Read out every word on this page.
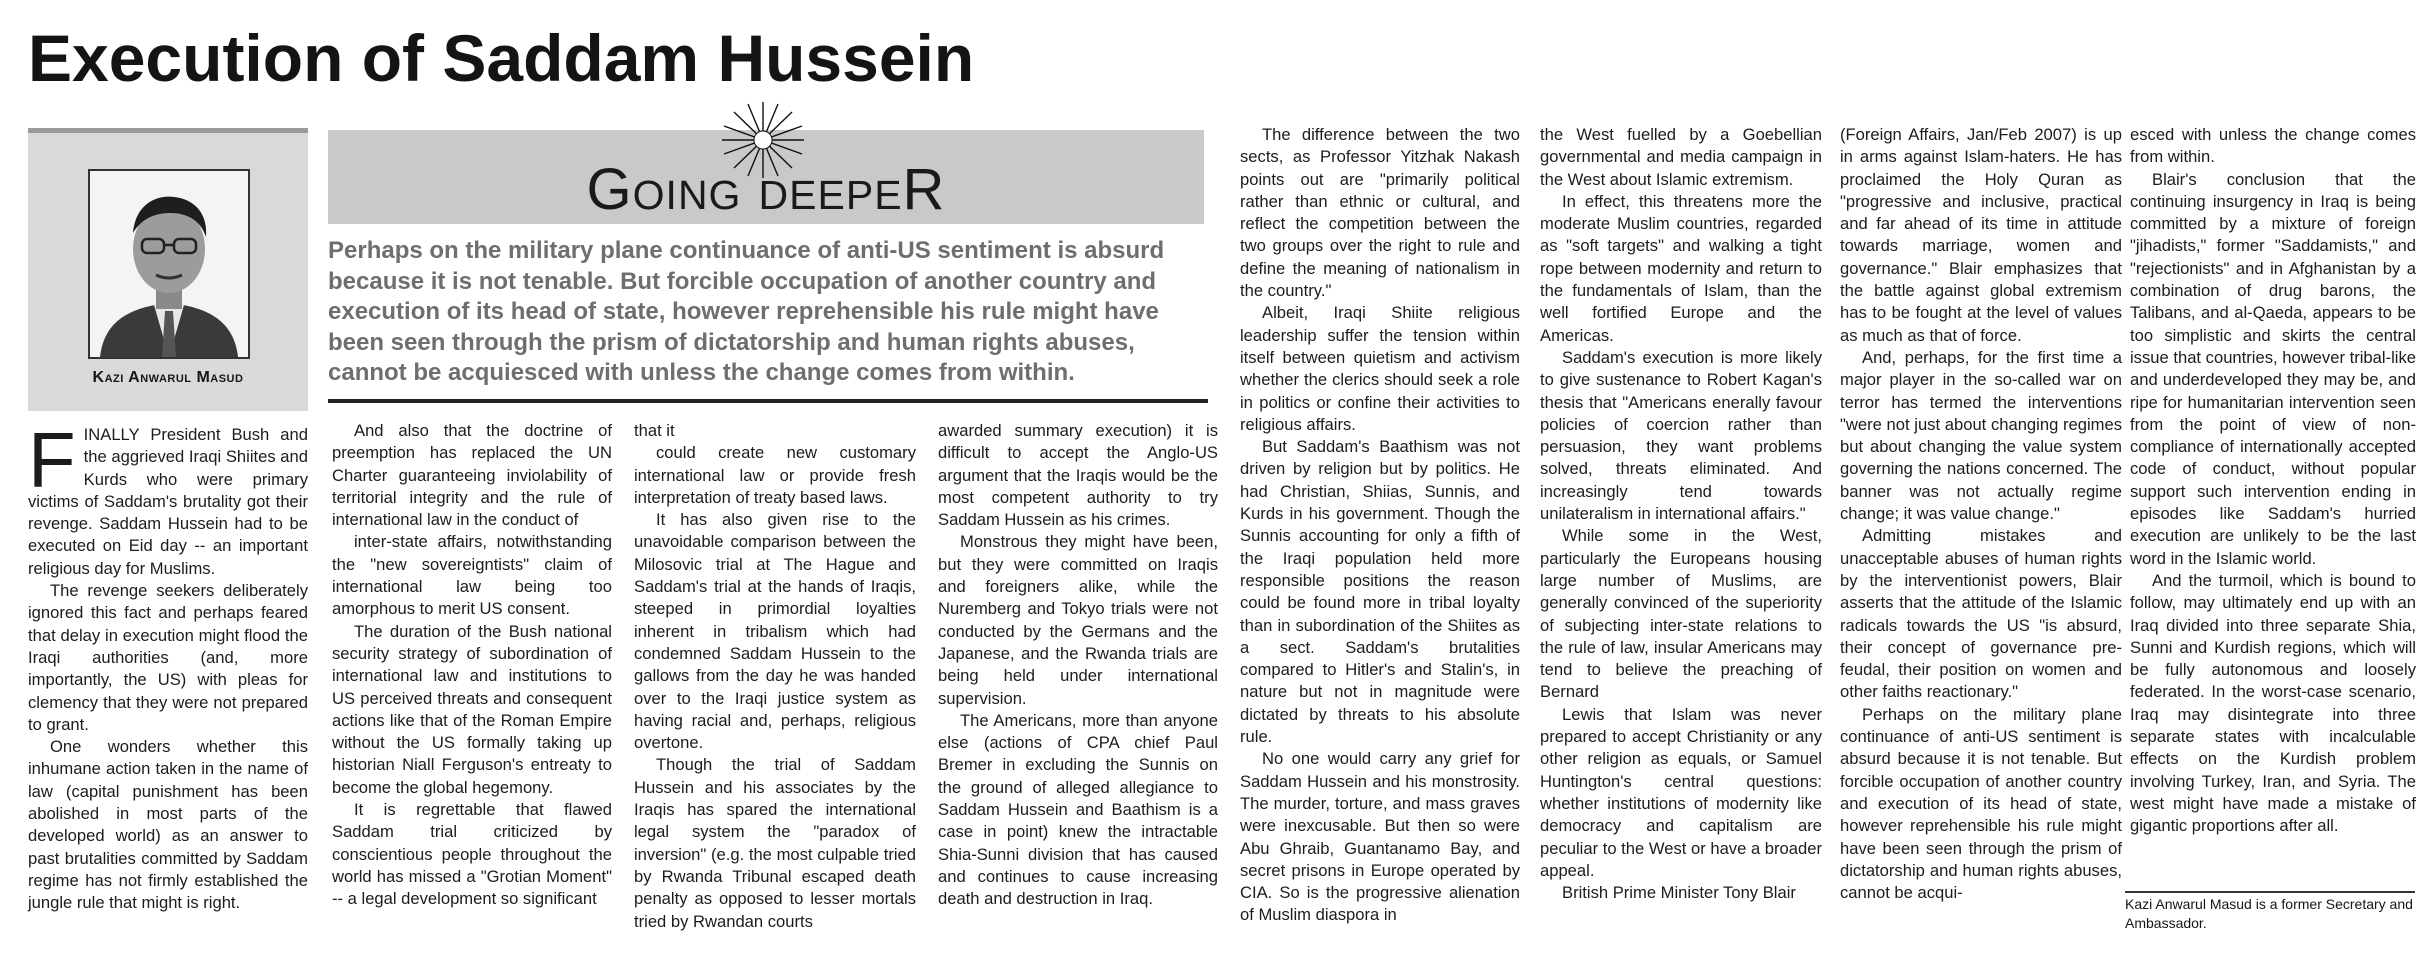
Execution of Saddam Hussein
Kazi Anwarul Masud
Going deepeR

Perhaps on the military plane continuance of anti-US sentiment is absurd because it is not tenable. But forcible occupation of another country and execution of its head of state, however reprehensible his rule might have been seen through the prism of dictatorship and human rights abuses, cannot be acquiesced with unless the change comes from within.

FINALLY President Bush and the aggrieved Iraqi Shiites and Kurds who were primary victims of Saddam's brutality got their revenge. Saddam Hussein had to be executed on Eid day -- an important religious day for Muslims.

The revenge seekers deliberately ignored this fact and perhaps feared that delay in execution might flood the Iraqi authorities (and, more importantly, the US) with pleas for clemency that they were not prepared to grant.

One wonders whether this inhumane action taken in the name of law (capital punishment has been abolished in most parts of the developed world) as an answer to past brutalities committed by Saddam regime has not firmly established the jungle rule that might is right.

And also that the doctrine of preemption has replaced the UN Charter guaranteeing inviolability of territorial integrity and the rule of international law in the conduct of

inter-state affairs, notwithstanding the "new sovereigntists" claim of international law being too amorphous to merit US consent.

The duration of the Bush national security strategy of subordination of international law and institutions to US perceived threats and consequent actions like that of the Roman Empire without the US formally taking up historian Niall Ferguson's entreaty to become the global hegemony.

It is regrettable that flawed Saddam trial criticized by conscientious people throughout the world has missed a "Grotian Moment" -- a legal development so significant

that it

could create new customary international law or provide fresh interpretation of treaty based laws.

It has also given rise to the unavoidable comparison between the Milosovic trial at The Hague and Saddam's trial at the hands of Iraqis, steeped in primordial loyalties inherent in tribalism which had condemned Saddam Hussein to the gallows from the day he was handed over to the Iraqi justice system as having racial and, perhaps, religious overtone.

Though the trial of Saddam Hussein and his associates by the Iraqis has spared the international legal system the "paradox of inversion" (e.g. the most culpable tried by Rwanda Tribunal escaped death penalty as opposed to lesser mortals tried by Rwandan courts

awarded summary execution) it is difficult to accept the Anglo-US argument that the Iraqis would be the most competent authority to try Saddam Hussein as his crimes.

Monstrous they might have been, but they were committed on Iraqis and foreigners alike, while the Nuremberg and Tokyo trials were not conducted by the Germans and the Japanese, and the Rwanda trials are being held under international supervision.

The Americans, more than anyone else (actions of CPA chief Paul Bremer in excluding the Sunnis on the ground of alleged allegiance to Saddam Hussein and Baathism is a case in point) knew the intractable Shia-Sunni division that has caused and continues to cause increasing death and destruction in Iraq.

The difference between the two sects, as Professor Yitzhak Nakash points out are "primarily political rather than ethnic or cultural, and reflect the competition between the two groups over the right to rule and define the meaning of nationalism in the country."

Albeit, Iraqi Shiite religious leadership suffer the tension within itself between quietism and activism whether the clerics should seek a role in politics or confine their activities to religious affairs.

But Saddam's Baathism was not driven by religion but by politics. He had Christian, Shiias, Sunnis, and Kurds in his government. Though the Sunnis accounting for only a fifth of the Iraqi population held more responsible positions the reason could be found more in tribal loyalty than in subordination of the Shiites as a sect. Saddam's brutalities compared to Hitler's and Stalin's, in nature but not in magnitude were dictated by threats to his absolute rule.

No one would carry any grief for Saddam Hussein and his monstrosity. The murder, torture, and mass graves were inexcusable. But then so were Abu Ghraib, Guantanamo Bay, and secret prisons in Europe operated by CIA. So is the progressive alienation of Muslim diaspora in

the West fuelled by a Goebellian governmental and media campaign in the West about Islamic extremism.

In effect, this threatens more the moderate Muslim countries, regarded as "soft targets" and walking a tight rope between modernity and return to the fundamentals of Islam, than the well fortified Europe and the Americas.

Saddam's execution is more likely to give sustenance to Robert Kagan's thesis that "Americans enerally favour policies of coercion rather than persuasion, they want problems solved, threats eliminated. And increasingly tend towards unilateralism in international affairs."

While some in the West, particularly the Europeans housing large number of Muslims, are generally convinced of the superiority of subjecting inter-state relations to the rule of law, insular Americans may tend to believe the preaching of Bernard

Lewis that Islam was never prepared to accept Christianity or any other religion as equals, or Samuel Huntington's central questions: whether institutions of modernity like democracy and capitalism are peculiar to the West or have a broader appeal.

British Prime Minister Tony Blair

(Foreign Affairs, Jan/Feb 2007) is up in arms against Islam-haters. He has proclaimed the Holy Quran as "progressive and inclusive, practical and far ahead of its time in attitude towards marriage, women and governance." Blair emphasizes that the battle against global extremism has to be fought at the level of values as much as that of force.

And, perhaps, for the first time a major player in the so-called war on terror has termed the interventions "were not just about changing regimes but about changing the value system governing the nations concerned. The banner was not actually regime change; it was value change."

Admitting mistakes and unacceptable abuses of human rights by the interventionist powers, Blair asserts that the attitude of the Islamic radicals towards the US "is absurd, their concept of governance pre-feudal, their position on women and other faiths reactionary."

Perhaps on the military plane continuance of anti-US sentiment is absurd because it is not tenable. But forcible occupation of another country and execution of its head of state, however reprehensible his rule might have been seen through the prism of dictatorship and human rights abuses, cannot be acqui-

esced with unless the change comes from within.

Blair's conclusion that the continuing insurgency in Iraq is being committed by a mixture of foreign "jihadists," former "Saddamists," and "rejectionists" and in Afghanistan by a combination of drug barons, the Talibans, and al-Qaeda, appears to be too simplistic and skirts the central issue that countries, however tribal-like and underdeveloped they may be, and ripe for humanitarian intervention seen from the point of view of non-compliance of internationally accepted code of conduct, without popular support such intervention ending in episodes like Saddam's hurried execution are unlikely to be the last word in the Islamic world.

And the turmoil, which is bound to follow, may ultimately end up with an Iraq divided into three separate Shia, Sunni and Kurdish regions, which will be fully autonomous and loosely federated. In the worst-case scenario, Iraq may disintegrate into three separate states with incalculable effects on the Kurdish problem involving Turkey, Iran, and Syria. The west might have made a mistake of gigantic proportions after all.

Kazi Anwarul Masud is a former Secretary and Ambassador.
